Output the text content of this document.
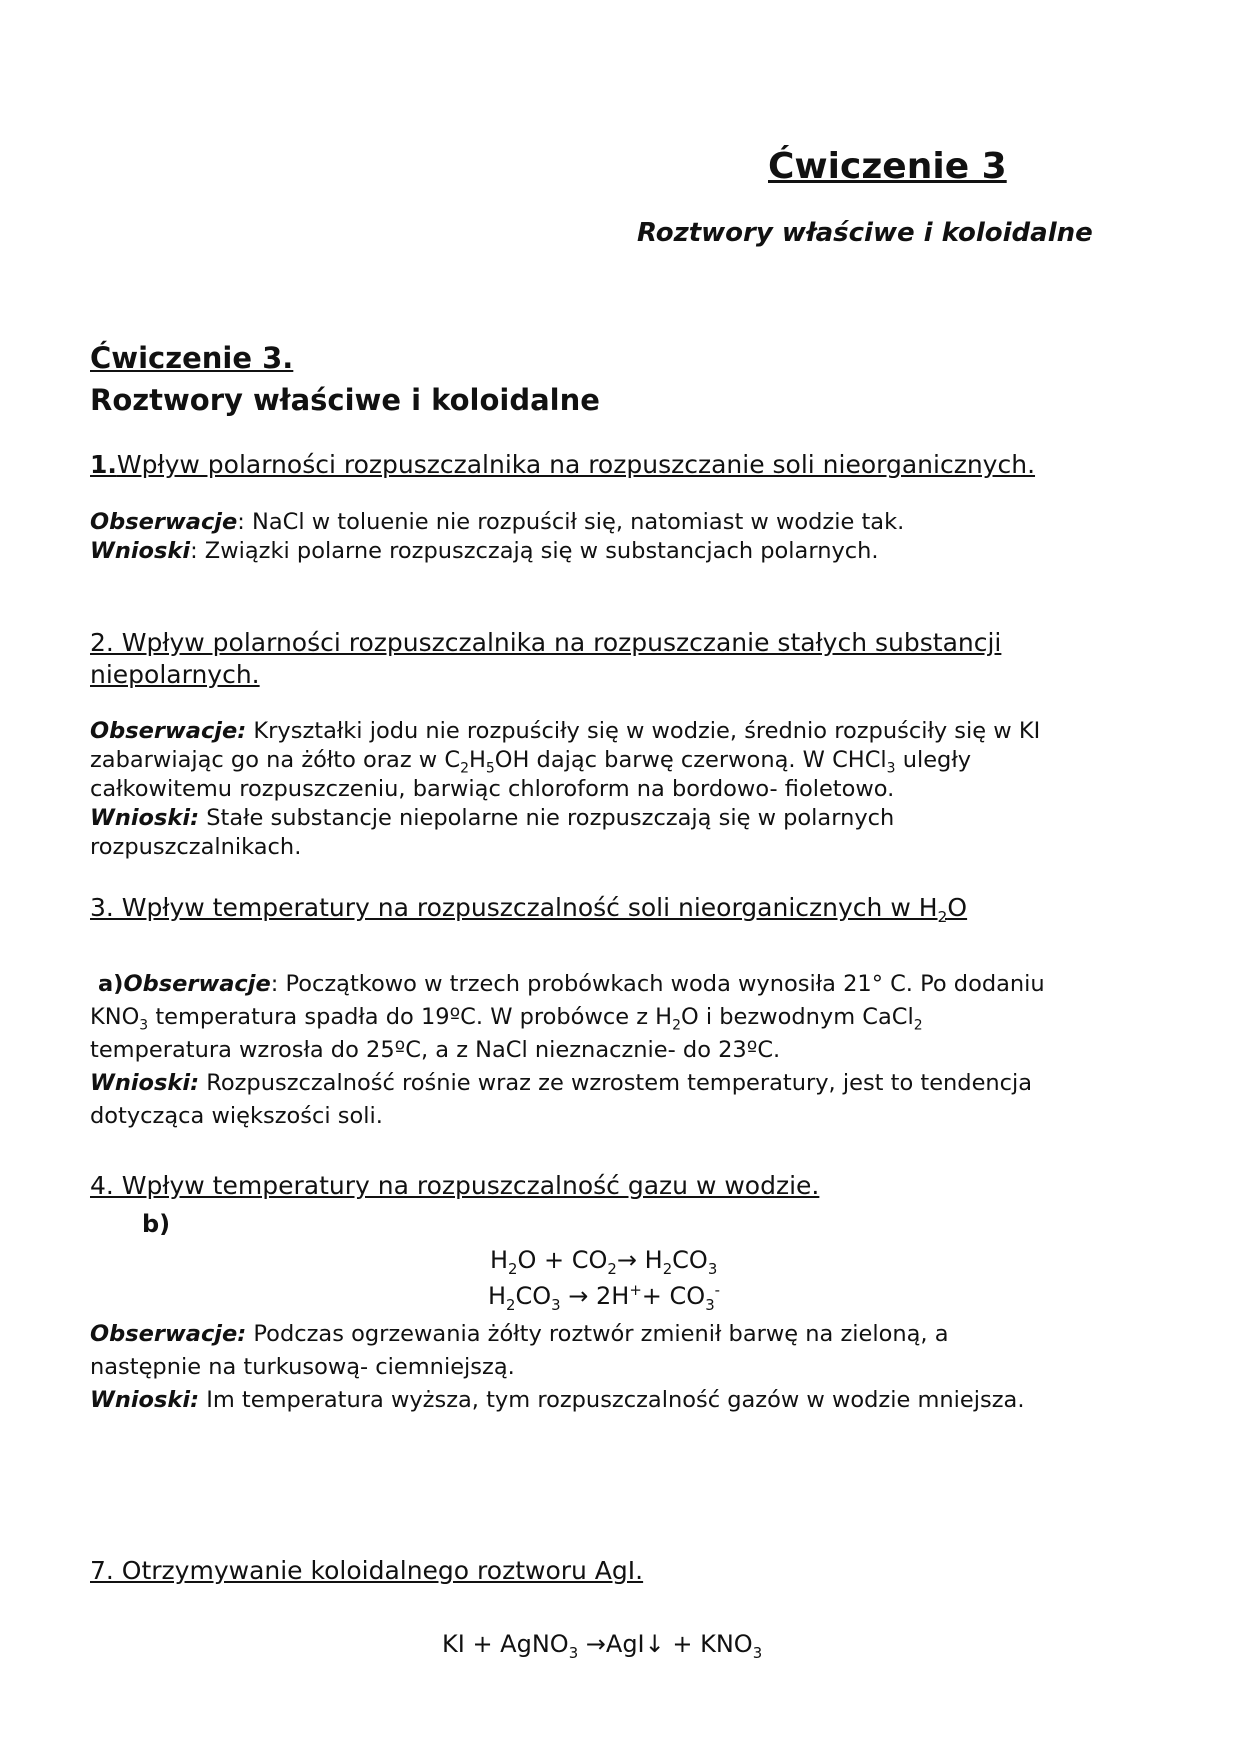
Ćwiczenie 3
Roztwory właściwe i koloidalne
Ćwiczenie 3.
Roztwory właściwe i koloidalne
1.Wpływ polarności rozpuszczalnika na rozpuszczanie soli nieorganicznych.
Obserwacje: NaCl w toluenie nie rozpuścił się, natomiast w wodzie tak.
Wnioski: Związki polarne rozpuszczają się w substancjach polarnych.
2. Wpływ polarności rozpuszczalnika na rozpuszczanie stałych substancji
niepolarnych.
Obserwacje: Kryształki jodu nie rozpuściły się w wodzie, średnio rozpuściły się w KI
zabarwiając go na żółto oraz w $C_2H_5OH$ dając barwę czerwoną. W CHCl$_3$ uległy
całkowitemu rozpuszczeniu, barwiąc chloroform na bordowo- fioletowo.
Wnioski: Stałe substancje niepolarne nie rozpuszczają się w polarnych
rozpuszczalnikach.
3. Wpływ temperatury na rozpuszczalność soli nieorganicznych w $H_2O$
a)Obserwacje: Początkowo w trzech probówkach woda wynosiła 21° C. Po dodaniu
$KNO_3$ temperatura spadła do 19ºC. W probówce z $H_2O$ i bezwodnym CaCl$_2$
temperatura wzrosła do 25ºC, a z NaCl nieznacznie- do 23ºC.
Wnioski: Rozpuszczalność rośnie wraz ze wzrostem temperatury, jest to tendencja
dotycząca większości soli.
4. Wpływ temperatury na rozpuszczalność gazu w wodzie.
b)
$H_2O + CO_2\to H_2CO_3$
$H_2CO_3 \to 2H^++ CO_3^-$
Obserwacje: Podczas ogrzewania żółty roztwór zmienił barwę na zieloną, a
następnie na turkusową- ciemniejszą.
Wnioski: Im temperatura wyższa, tym rozpuszczalność gazów w wodzie mniejsza.
7. Otrzymywanie koloidalnego roztworu AgI.
KI + AgNO$_3$ →AgI↓ + $KNO_3$
